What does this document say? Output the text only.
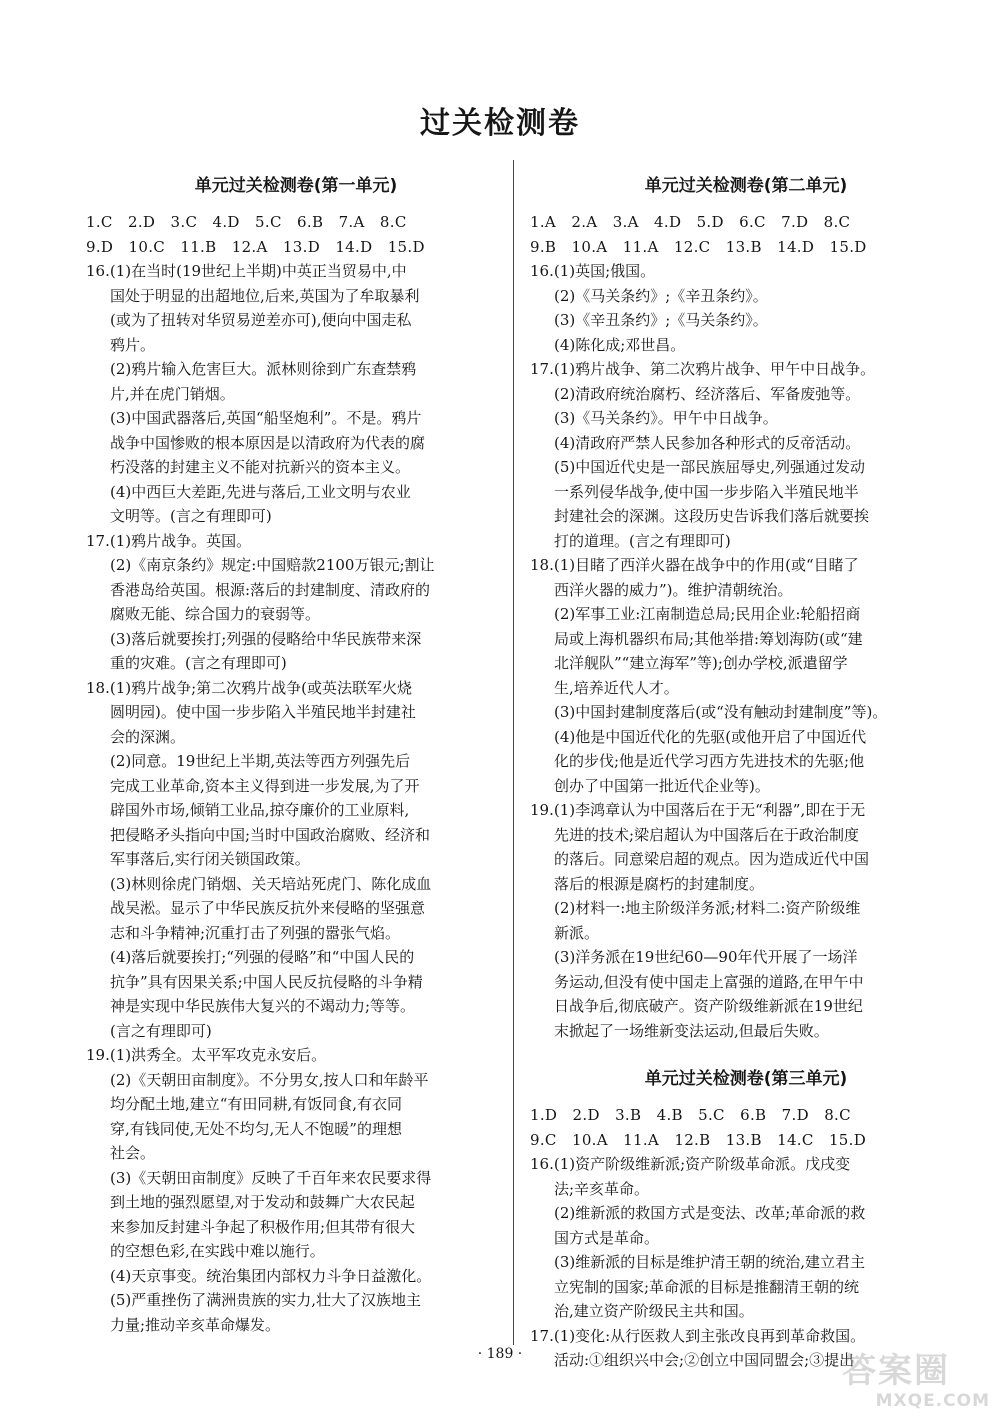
过关检测卷
单元过关检测卷(第一单元)
1.C　2.D　3.C　4.D　5.C　6.B　7.A　8.C
9.D　10.C　11.B　12.A　13.D　14.D　15.D
16.(1)在当时(19世纪上半期)中英正当贸易中,中
国处于明显的出超地位,后来,英国为了牟取暴利
(或为了扭转对华贸易逆差亦可),便向中国走私
鸦片。
(2)鸦片输入危害巨大。派林则徐到广东查禁鸦
片,并在虎门销烟。
(3)中国武器落后,英国“船坚炮利”。不是。鸦片
战争中国惨败的根本原因是以清政府为代表的腐
朽没落的封建主义不能对抗新兴的资本主义。
(4)中西巨大差距,先进与落后,工业文明与农业
文明等。(言之有理即可)
17.(1)鸦片战争。英国。
(2)《南京条约》规定:中国赔款2100万银元;割让
香港岛给英国。根源:落后的封建制度、清政府的
腐败无能、综合国力的衰弱等。
(3)落后就要挨打;列强的侵略给中华民族带来深
重的灾难。(言之有理即可)
18.(1)鸦片战争;第二次鸦片战争(或英法联军火烧
圆明园)。使中国一步步陷入半殖民地半封建社
会的深渊。
(2)同意。19世纪上半期,英法等西方列强先后
完成工业革命,资本主义得到进一步发展,为了开
辟国外市场,倾销工业品,掠夺廉价的工业原料,
把侵略矛头指向中国;当时中国政治腐败、经济和
军事落后,实行闭关锁国政策。
(3)林则徐虎门销烟、关天培站死虎门、陈化成血
战吴淞。显示了中华民族反抗外来侵略的坚强意
志和斗争精神;沉重打击了列强的嚣张气焰。
(4)落后就要挨打;“列强的侵略”和“中国人民的
抗争”具有因果关系;中国人民反抗侵略的斗争精
神是实现中华民族伟大复兴的不竭动力;等等。
(言之有理即可)
19.(1)洪秀全。太平军攻克永安后。
(2)《天朝田亩制度》。不分男女,按人口和年龄平
均分配土地,建立“有田同耕,有饭同食,有衣同
穿,有钱同使,无处不均匀,无人不饱暖”的理想
社会。
(3)《天朝田亩制度》反映了千百年来农民要求得
到土地的强烈愿望,对于发动和鼓舞广大农民起
来参加反封建斗争起了积极作用;但其带有很大
的空想色彩,在实践中难以施行。
(4)天京事变。统治集团内部权力斗争日益激化。
(5)严重挫伤了满洲贵族的实力,壮大了汉族地主
力量;推动辛亥革命爆发。
单元过关检测卷(第二单元)
1.A　2.A　3.A　4.D　5.D　6.C　7.D　8.C
9.B　10.A　11.A　12.C　13.B　14.D　15.D
16.(1)英国;俄国。
(2)《马关条约》;《辛丑条约》。
(3)《辛丑条约》;《马关条约》。
(4)陈化成;邓世昌。
17.(1)鸦片战争、第二次鸦片战争、甲午中日战争。
(2)清政府统治腐朽、经济落后、军备废弛等。
(3)《马关条约》。甲午中日战争。
(4)清政府严禁人民参加各种形式的反帝活动。
(5)中国近代史是一部民族屈辱史,列强通过发动
一系列侵华战争,使中国一步步陷入半殖民地半
封建社会的深渊。这段历史告诉我们落后就要挨
打的道理。(言之有理即可)
18.(1)目睹了西洋火器在战争中的作用(或“目睹了
西洋火器的威力”)。维护清朝统治。
(2)军事工业:江南制造总局;民用企业:轮船招商
局或上海机器织布局;其他举措:筹划海防(或“建
北洋舰队”“建立海军”等);创办学校,派遣留学
生,培养近代人才。
(3)中国封建制度落后(或“没有触动封建制度”等)。
(4)他是中国近代化的先驱(或他开启了中国近代
化的步伐;他是近代学习西方先进技术的先驱;他
创办了中国第一批近代企业等)。
19.(1)李鸿章认为中国落后在于无“利器”,即在于无
先进的技术;梁启超认为中国落后在于政治制度
的落后。同意梁启超的观点。因为造成近代中国
落后的根源是腐朽的封建制度。
(2)材料一:地主阶级洋务派;材料二:资产阶级维
新派。
(3)洋务派在19世纪60—90年代开展了一场洋
务运动,但没有使中国走上富强的道路,在甲午中
日战争后,彻底破产。资产阶级维新派在19世纪
末掀起了一场维新变法运动,但最后失败。
单元过关检测卷(第三单元)
1.D　2.D　3.B　4.B　5.C　6.B　7.D　8.C
9.C　10.A　11.A　12.B　13.B　14.C　15.D
16.(1)资产阶级维新派;资产阶级革命派。戊戌变
法;辛亥革命。
(2)维新派的救国方式是变法、改革;革命派的救
国方式是革命。
(3)维新派的目标是维护清王朝的统治,建立君主
立宪制的国家;革命派的目标是推翻清王朝的统
治,建立资产阶级民主共和国。
17.(1)变化:从行医救人到主张改良再到革命救国。
活动:①组织兴中会;②创立中国同盟会;③提出
· 189 ·	答案圈
MXQE.COM
